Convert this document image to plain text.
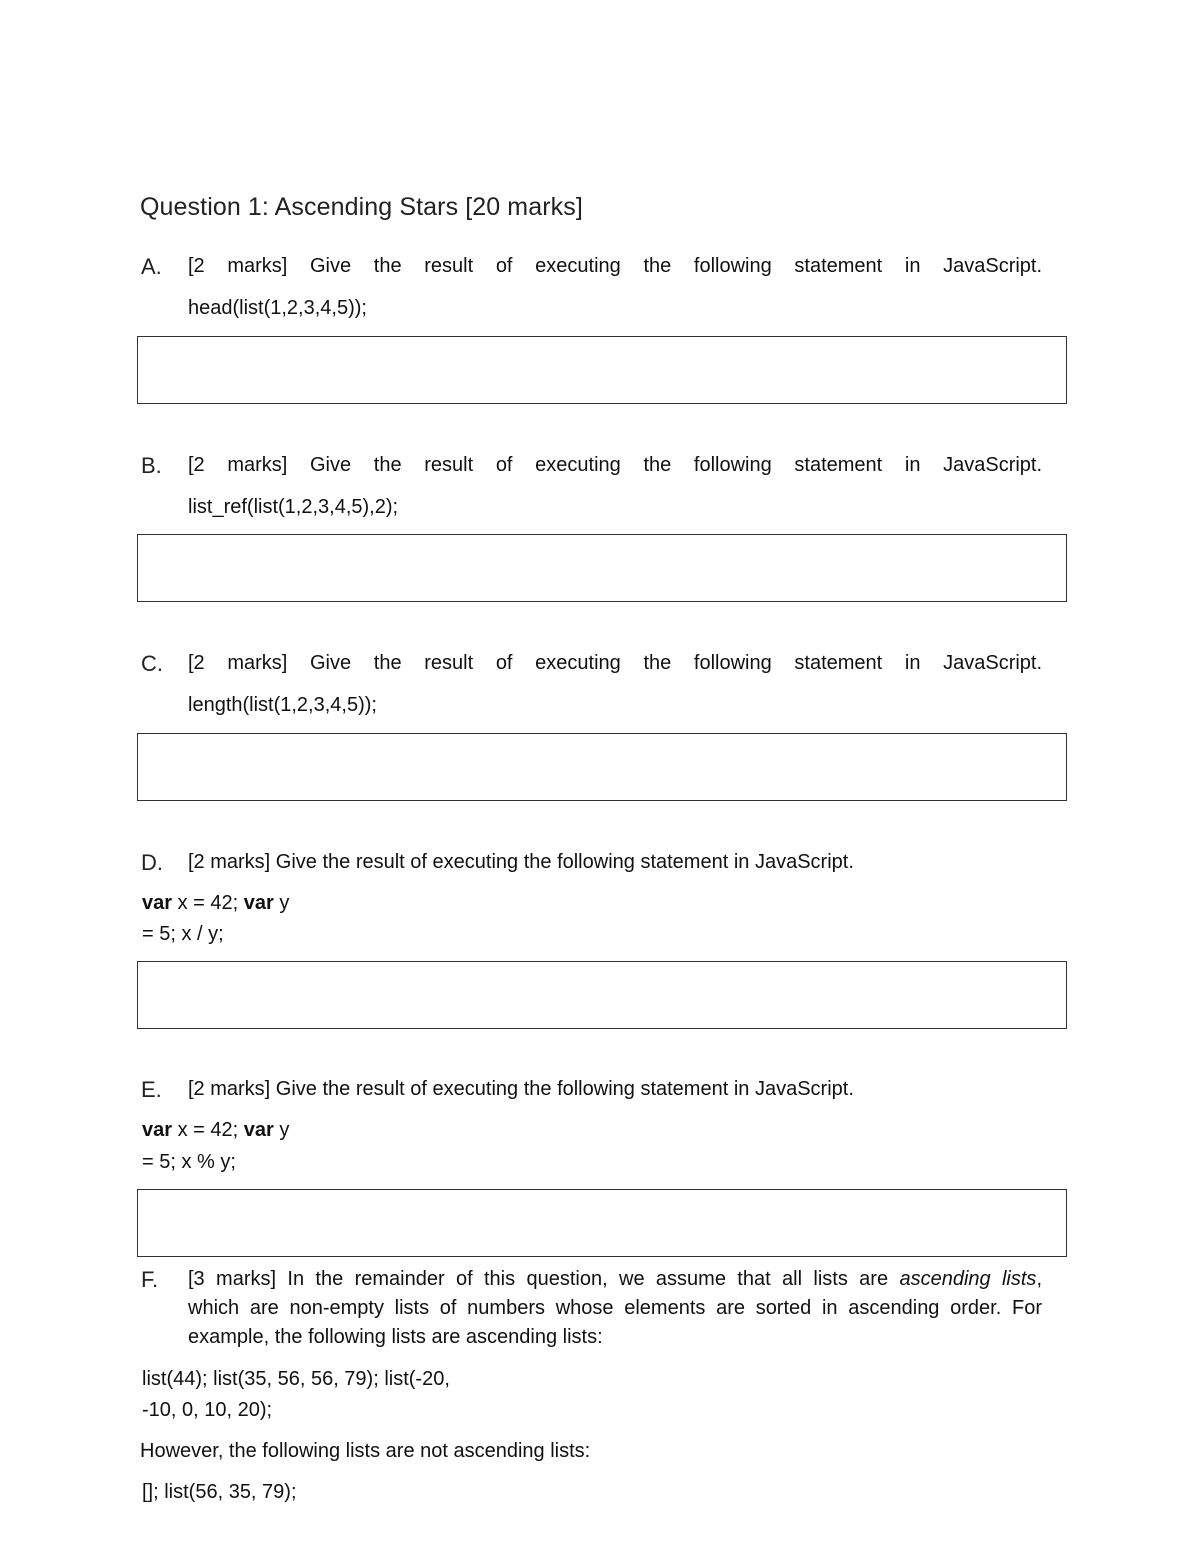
Question 1: Ascending Stars [20 marks]
A. [2 marks] Give the result of executing the following statement in JavaScript.
head(list(1,2,3,4,5));
B. [2 marks] Give the result of executing the following statement in JavaScript.
list_ref(list(1,2,3,4,5),2);
C. [2 marks] Give the result of executing the following statement in JavaScript.
length(list(1,2,3,4,5));
D. [2 marks] Give the result of executing the following statement in JavaScript.
var x = 42; var y
= 5; x / y;
E. [2 marks] Give the result of executing the following statement in JavaScript.
var x = 42; var y
= 5; x % y;
F. [3 marks] In the remainder of this question, we assume that all lists are ascending lists,
which are non-empty lists of numbers whose elements are sorted in ascending order. For
example, the following lists are ascending lists:
list(44); list(35, 56, 56, 79); list(-20,
-10, 0, 10, 20);
However, the following lists are not ascending lists:
[]; list(56, 35, 79);
